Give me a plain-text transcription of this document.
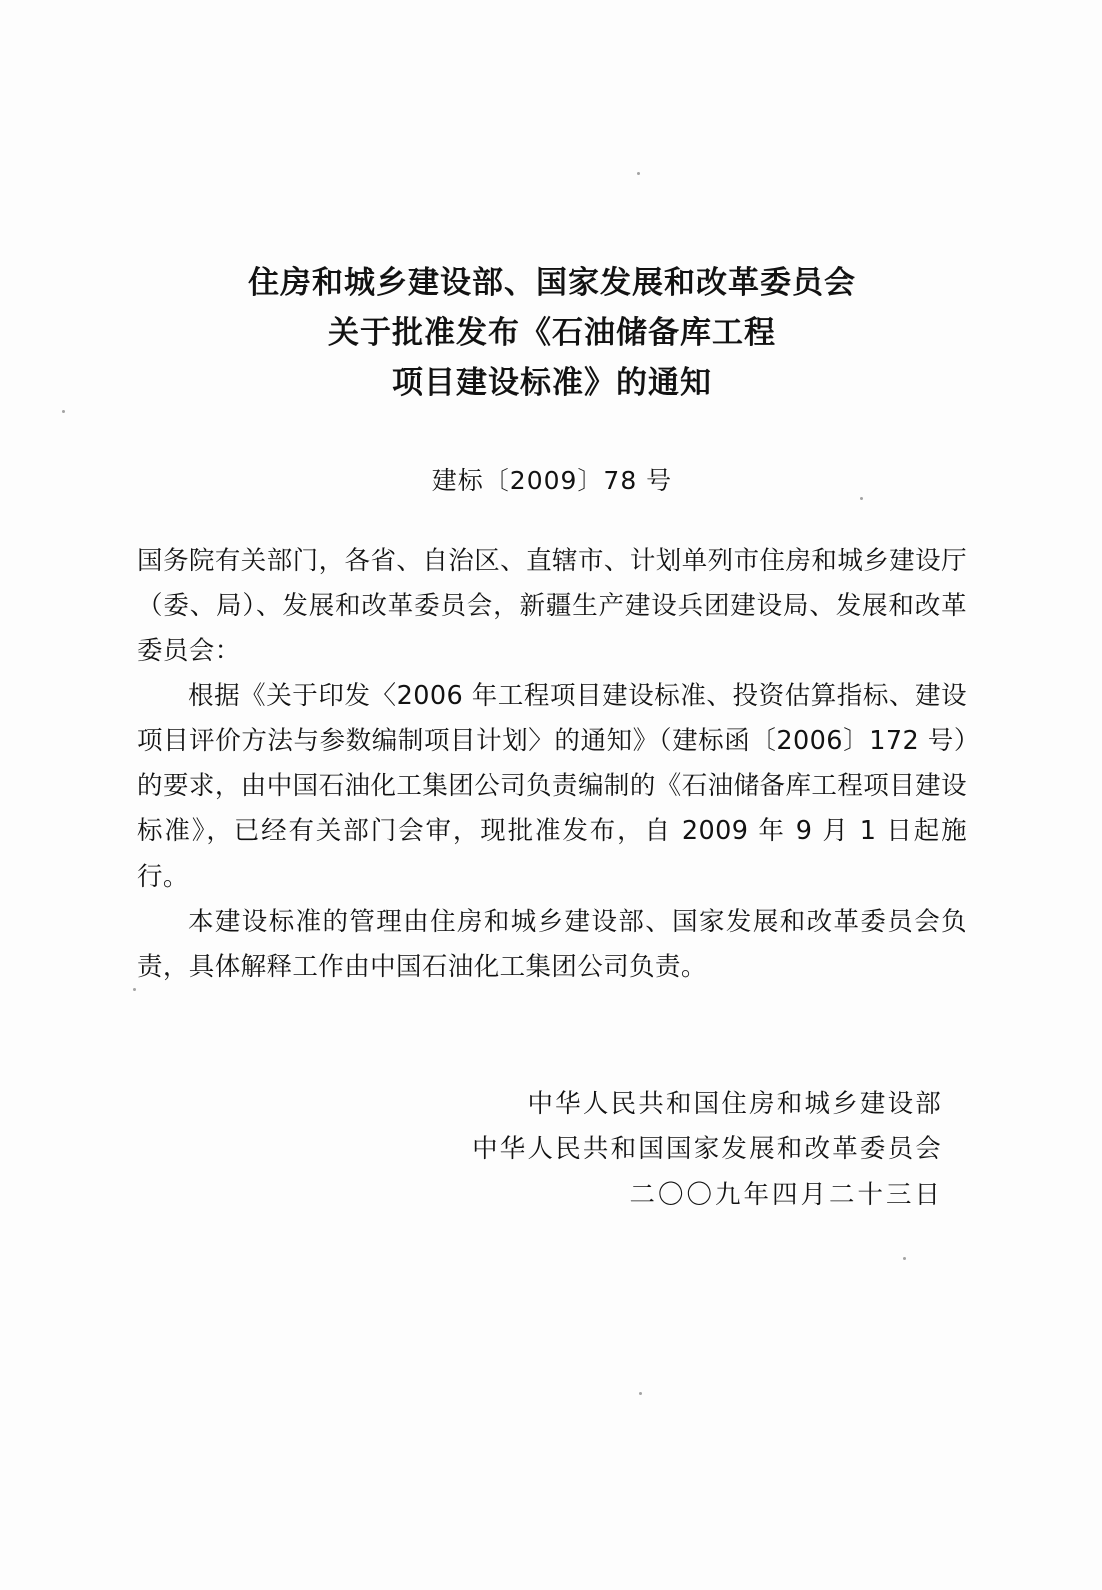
住房和城乡建设部、国家发展和改革委员会
关于批准发布《石油储备库工程
项目建设标准》的通知
建标〔2009〕78 号

国务院有关部门，各省、自治区、直辖市、计划单列市住房和城乡建设厅（委、局）、发展和改革委员会，新疆生产建设兵团建设局、发展和改革委员会：

根据《关于印发〈2006 年工程项目建设标准、投资估算指标、建设项目评价方法与参数编制项目计划〉的通知》（建标函〔2006〕172 号）的要求，由中国石油化工集团公司负责编制的《石油储备库工程项目建设标准》，已经有关部门会审，现批准发布，自 2009 年 9 月 1 日起施行。

本建设标准的管理由住房和城乡建设部、国家发展和改革委员会负责，具体解释工作由中国石油化工集团公司负责。

中华人民共和国住房和城乡建设部
中华人民共和国国家发展和改革委员会
二〇〇九年四月二十三日
